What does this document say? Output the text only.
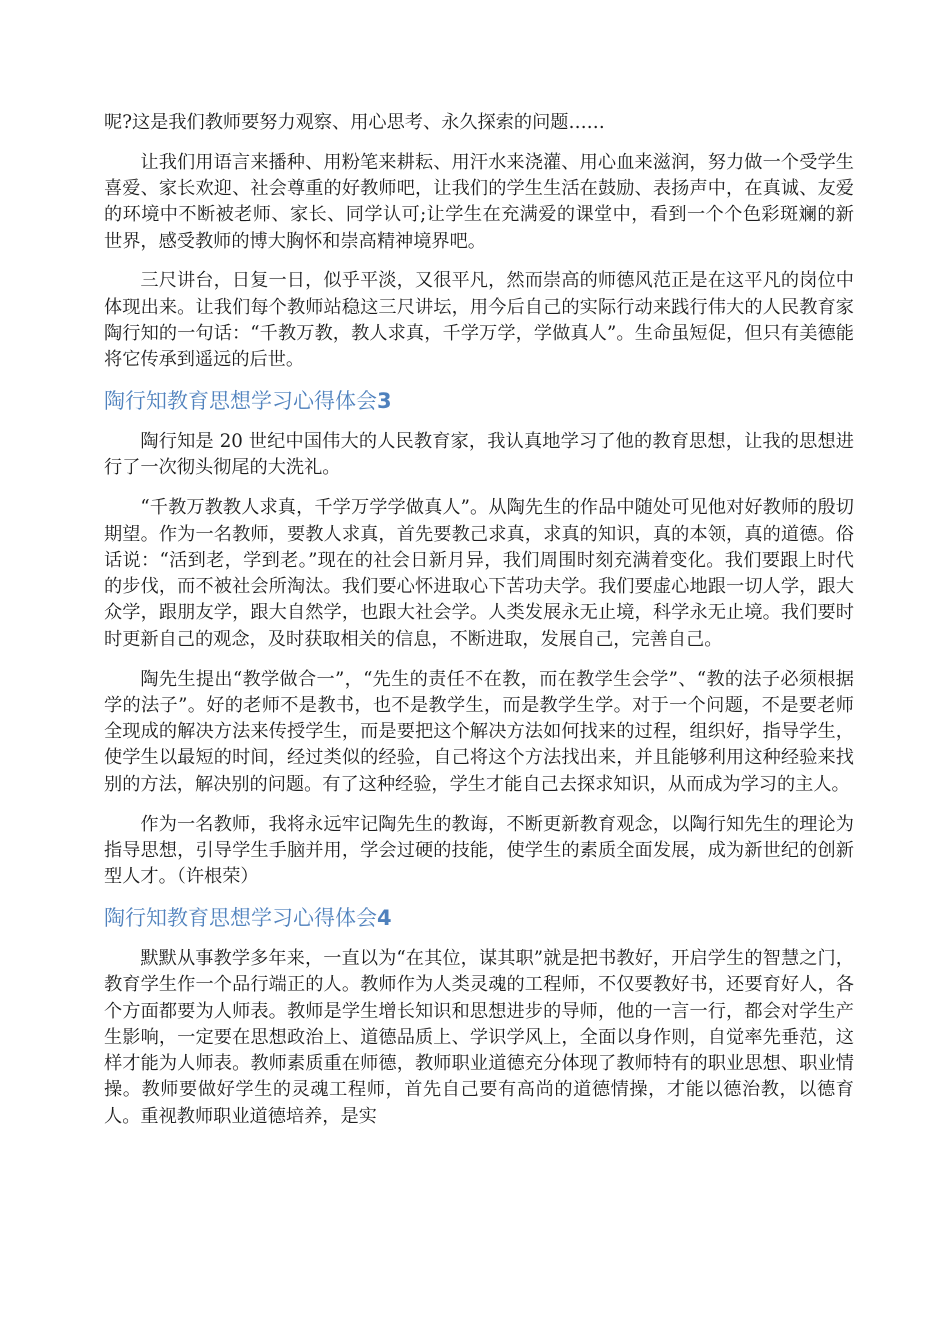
呢?这是我们教师要努力观察、用心思考、永久探索的问题……

让我们用语言来播种、用粉笔来耕耘、用汗水来浇灌、用心血来滋润，努力做一个受学生喜爱、家长欢迎、社会尊重的好教师吧，让我们的学生生活在鼓励、表扬声中，在真诚、友爱的环境中不断被老师、家长、同学认可;让学生在充满爱的课堂中，看到一个个色彩斑斓的新世界，感受教师的博大胸怀和崇高精神境界吧。

三尺讲台，日复一日，似乎平淡，又很平凡，然而崇高的师德风范正是在这平凡的岗位中体现出来。让我们每个教师站稳这三尺讲坛，用今后自己的实际行动来践行伟大的人民教育家陶行知的一句话：“千教万教，教人求真，千学万学，学做真人”。生命虽短促，但只有美德能将它传承到遥远的后世。

陶行知教育思想学习心得体会3

陶行知是 20 世纪中国伟大的人民教育家，我认真地学习了他的教育思想，让我的思想进行了一次彻头彻尾的大洗礼。

“千教万教教人求真，千学万学学做真人”。从陶先生的作品中随处可见他对好教师的殷切期望。作为一名教师，要教人求真，首先要教己求真，求真的知识，真的本领，真的道德。俗话说：“活到老，学到老。”现在的社会日新月异，我们周围时刻充满着变化。我们要跟上时代的步伐，而不被社会所淘汰。我们要心怀进取心下苦功夫学。我们要虚心地跟一切人学，跟大众学，跟朋友学，跟大自然学，也跟大社会学。人类发展永无止境，科学永无止境。我们要时时更新自己的观念，及时获取相关的信息，不断进取，发展自己，完善自己。

陶先生提出“教学做合一”，“先生的责任不在教，而在教学生会学”、“教的法子必须根据学的法子”。好的老师不是教书，也不是教学生，而是教学生学。对于一个问题，不是要老师全现成的解决方法来传授学生，而是要把这个解决方法如何找来的过程，组织好，指导学生，使学生以最短的时间，经过类似的经验，自己将这个方法找出来，并且能够利用这种经验来找别的方法，解决别的问题。有了这种经验，学生才能自己去探求知识，从而成为学习的主人。

作为一名教师，我将永远牢记陶先生的教诲，不断更新教育观念，以陶行知先生的理论为指导思想，引导学生手脑并用，学会过硬的技能，使学生的素质全面发展，成为新世纪的创新型人才。（许根荣）

陶行知教育思想学习心得体会4

默默从事教学多年来，一直以为“在其位，谋其职”就是把书教好，开启学生的智慧之门，教育学生作一个品行端正的人。教师作为人类灵魂的工程师，不仅要教好书，还要育好人，各个方面都要为人师表。教师是学生增长知识和思想进步的导师，他的一言一行，都会对学生产生影响，一定要在思想政治上、道德品质上、学识学风上，全面以身作则，自觉率先垂范，这样才能为人师表。教师素质重在师德，教师职业道德充分体现了教师特有的职业思想、职业情操。教师要做好学生的灵魂工程师，首先自己要有高尚的道德情操，才能以德治教，以德育人。重视教师职业道德培养，是实
